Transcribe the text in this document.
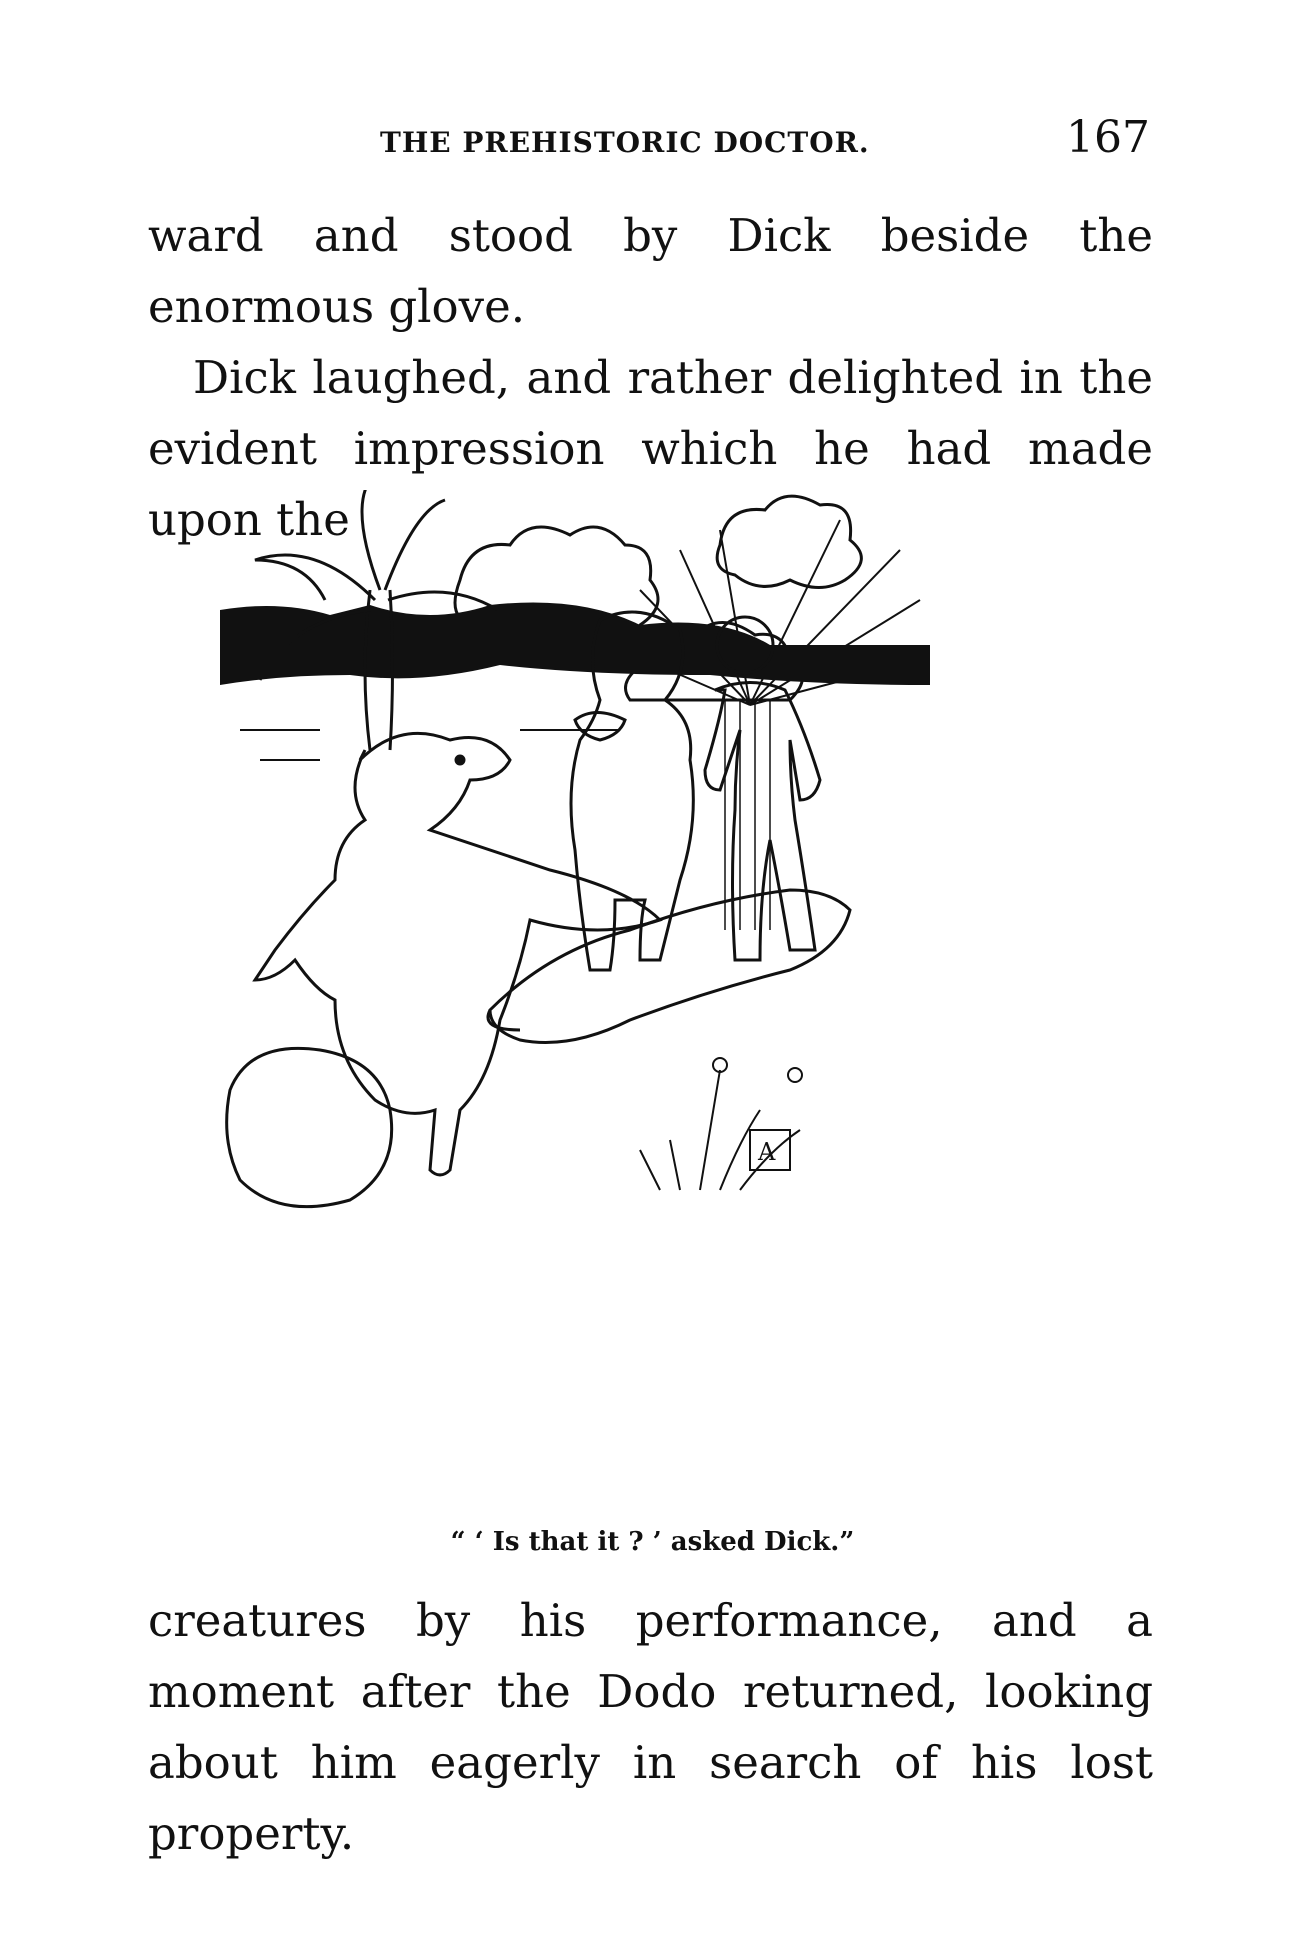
THE PREHISTORIC DOCTOR.	167

ward and stood by Dick beside the enormous glove.

Dick laughed, and rather delighted in the evident impression which he had made upon the

A
“ ‘ Is that it ? ’ asked Dick.”

creatures by his performance, and a moment after the Dodo returned, looking about him eagerly in search of his lost property.
